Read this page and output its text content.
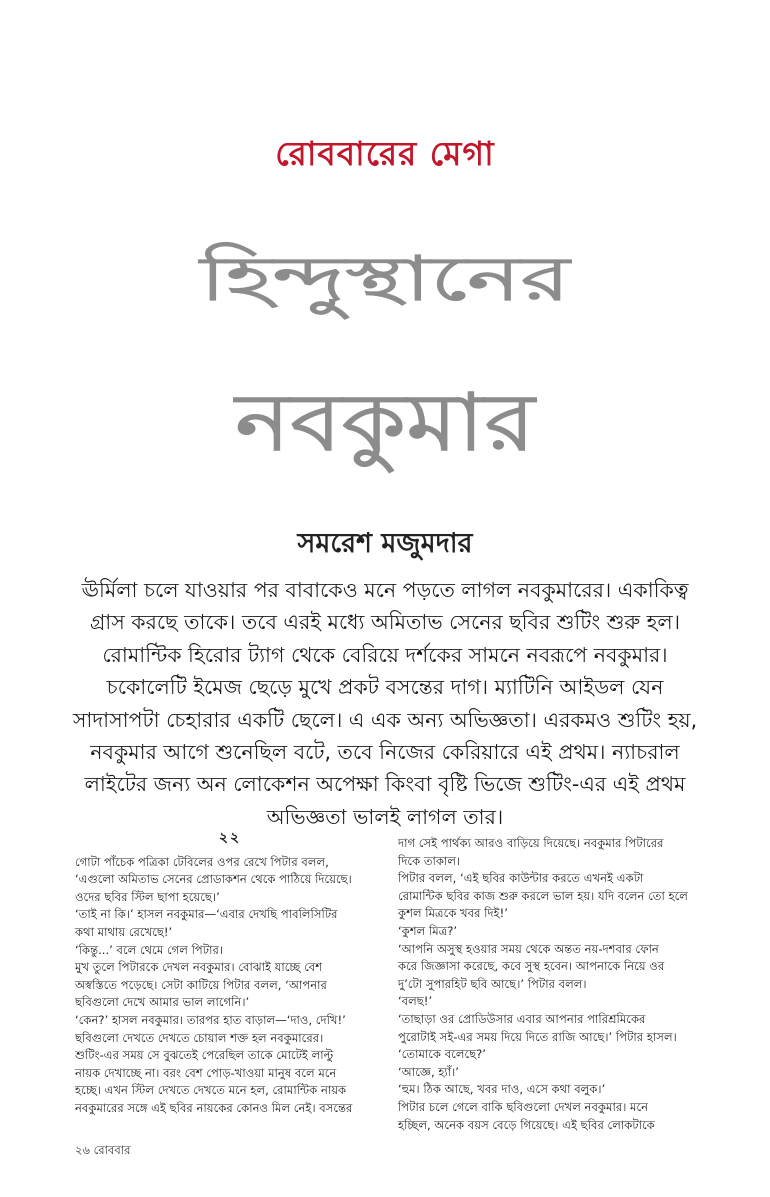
রোববারের মেগা
হিন্দুস্থানের
নবকুমার
সমরেশ মজুমদার
ঊর্মিলা চলে যাওয়ার পর বাবাকেও মনে পড়তে লাগল নবকুমারের। একাকিত্ব
গ্রাস করছে তাকে। তবে এরই মধ্যে অমিতাভ সেনের ছবির শুটিং শুরু হল।
রোমান্টিক হিরোর ট্যাগ থেকে বেরিয়ে দর্শকের সামনে নবরূপে নবকুমার।
চকোলেটি ইমেজ ছেড়ে মুখে প্রকট বসন্তের দাগ। ম্যাটিনি আইডল যেন
সাদাসাপটা চেহারার একটি ছেলে। এ এক অন্য অভিজ্ঞতা। এরকমও শুটিং হয়,
নবকুমার আগে শুনেছিল বটে, তবে নিজের কেরিয়ারে এই প্রথম। ন্যাচরাল
লাইটের জন্য অন লোকেশন অপেক্ষা কিংবা বৃষ্টি ভিজে শুটিং-এর এই প্রথম
অভিজ্ঞতা ভালই লাগল তার।
২২

গোটা পাঁচেক পত্রিকা টেবিলের ওপর রেখে পিটার বলল,

‘এগুলো অমিতাভ সেনের প্রোডাকশন থেকে পাঠিয়ে দিয়েছে।

ওদের ছবির স্টিল ছাপা হয়েছে।’

‘তাই না কি।’ হাসল নবকুমার—‘এবার দেখছি পাবলিসিটির

কথা মাথায় রেখেছে!’

‘কিন্তু...’ বলে থেমে গেল পিটার।

মুখ তুলে পিটারকে দেখল নবকুমার। বোঝাই যাচ্ছে বেশ

অস্বস্তিতে পড়েছে। সেটা কাটিয়ে পিটার বলল, ‘আপনার

ছবিগুলো দেখে আমার ভাল লাগেনি।’

‘কেন?’ হাসল নবকুমার। তারপর হাত বাড়াল—‘দাও, দেখি!’

ছবিগুলো দেখতে দেখতে চোয়াল শক্ত হল নবকুমারের।

শুটিং-এর সময় সে বুঝতেই পেরেছিল তাকে মোটেই লাল্টু

নায়ক দেখাচ্ছে না। বরং বেশ পোড়-খাওয়া মানুষ বলে মনে

হচ্ছে। এখন স্টিল দেখতে দেখতে মনে হল, রোমান্টিক নায়ক

নবকুমারের সঙ্গে এই ছবির নায়কের কোনও মিল নেই। বসন্তের

দাগ সেই পার্থক্য আরও বাড়িয়ে দিয়েছে। নবকুমার পিটারের

দিকে তাকাল।

পিটার বলল, ‘এই ছবির কাউন্টার করতে এখনই একটা

রোমান্টিক ছবির কাজ শুরু করলে ভাল হয়। যদি বলেন তো হলে

কুশল মিত্রকে খবর দিই!’

‘কুশল মিত্র?’

‘আপনি অসুস্থ হওয়ার সময় থেকে অন্তত নয়-দশবার ফোন

করে জিজ্ঞাসা করেছে, কবে সুস্থ হবেন। আপনাকে নিয়ে ওর

দু’টো সুপারহিট ছবি আছে।’ পিটার বলল।

‘বলছ!’

‘তাছাড়া ওর প্রোডিউসার এবার আপনার পারিশ্রমিকের

পুরোটাই সই-এর সময় দিয়ে দিতে রাজি আছে।’ পিটার হাসল।

‘তোমাকে বলেছে?’

‘আজ্ঞে, হ্যাঁ।’

‘হুম। ঠিক আছে, খবর দাও, এসে কথা বলুক।’

পিটার চলে গেলে বাকি ছবিগুলো দেখল নবকুমার। মনে

হচ্ছিল, অনেক বয়স বেড়ে গিয়েছে। এই ছবির লোকটাকে

২৬ রোববার
